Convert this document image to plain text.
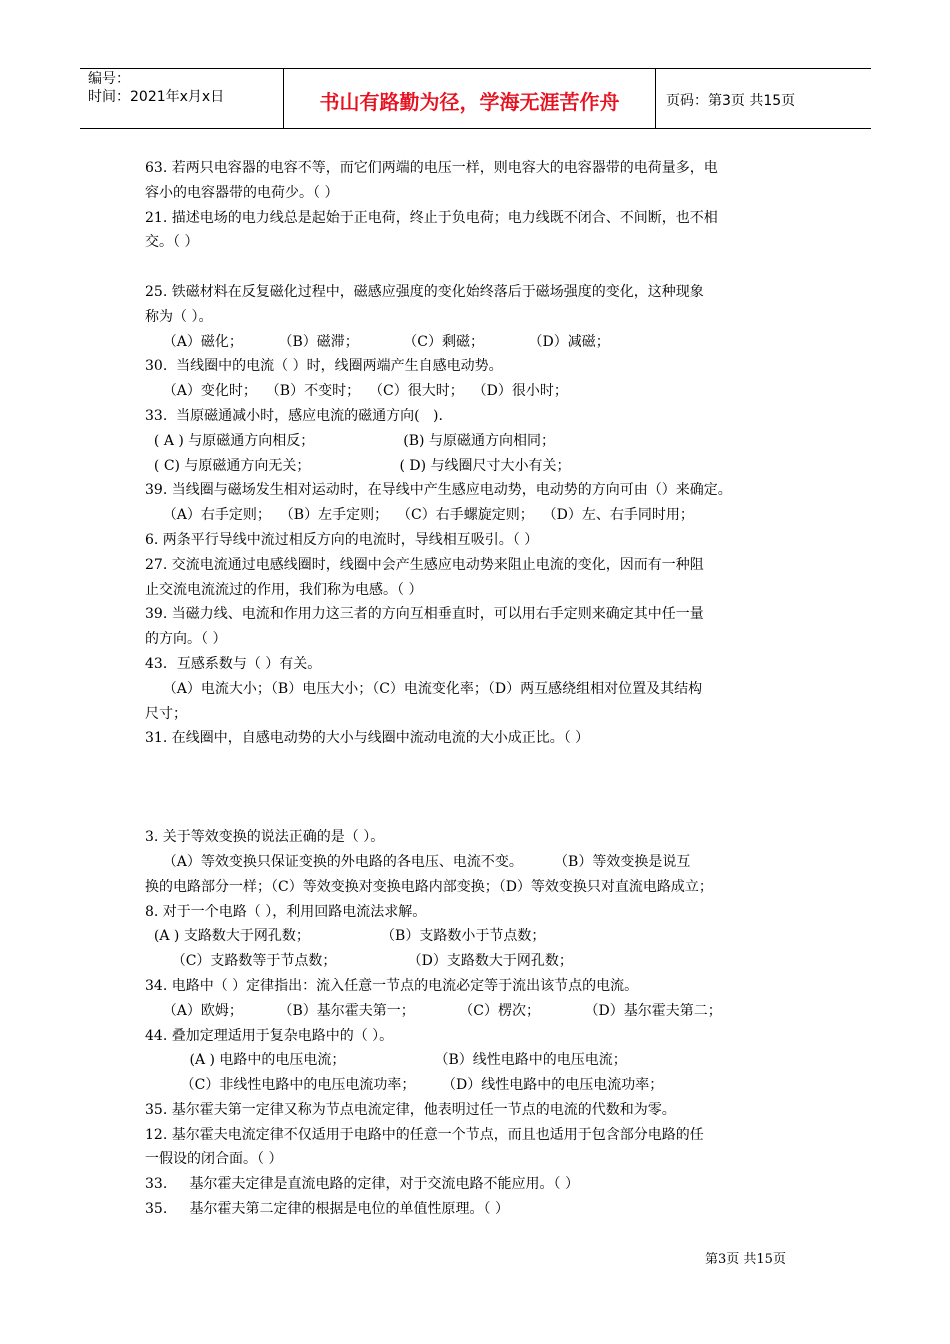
编号：
时间：2021年x月x日	书山有路勤为径，学海无涯苦作舟	页码：第3页 共15页
63. 若两只电容器的电容不等，而它们两端的电压一样，则电容大的电容器带的电荷量多，电
容小的电容器带的电荷少。（ ）
21. 描述电场的电力线总是起始于正电荷，终止于负电荷；电力线既不闭合、不间断，也不相
交。（ ）
25. 铁磁材料在反复磁化过程中，磁感应强度的变化始终落后于磁场强度的变化，这种现象
称为（ ）。
（A）磁化；        （B）磁滞；          （C）剩磁；          （D）减磁；
30.  当线圈中的电流（ ）时，线圈两端产生自感电动势。
（A）变化时；  （B）不变时；  （C）很大时；  （D）很小时；
33.  当原磁通减小时，感应电流的磁通方向(   ).
( A ) 与原磁通方向相反；                    (B) 与原磁通方向相同；
( C) 与原磁通方向无关；                    ( D) 与线圈尺寸大小有关；
39. 当线圈与磁场发生相对运动时，在导线中产生感应电动势，电动势的方向可由（）来确定。
（A）右手定则；  （B）左手定则；  （C）右手螺旋定则；  （D）左、右手同时用；
6. 两条平行导线中流过相反方向的电流时，导线相互吸引。（ ）
27. 交流电流通过电感线圈时，线圈中会产生感应电动势来阻止电流的变化，因而有一种阻
止交流电流流过的作用，我们称为电感。（ ）
39. 当磁力线、电流和作用力这三者的方向互相垂直时，可以用右手定则来确定其中任一量
的方向。（ ）
43．互感系数与（ ）有关。
（A）电流大小；（B）电压大小；（C）电流变化率；（D）两互感绕组相对位置及其结构
尺寸；
31. 在线圈中，自感电动势的大小与线圈中流动电流的大小成正比。（ ）
3. 关于等效变换的说法正确的是（ ）。
（A）等效变换只保证变换的外电路的各电压、电流不变。       （B）等效变换是说互
换的电路部分一样；（C）等效变换对变换电路内部变换；（D）等效变换只对直流电路成立；
8. 对于一个电路（ ），利用回路电流法求解。
(A ) 支路数大于网孔数；                （B）支路数小于节点数；
（C）支路数等于节点数；                （D）支路数大于网孔数；
34. 电路中（ ）定律指出：流入任意一节点的电流必定等于流出该节点的电流。
（A）欧姆；        （B）基尔霍夫第一；          （C）楞次；          （D）基尔霍夫第二；
44. 叠加定理适用于复杂电路中的（ ）。
(A ) 电路中的电压电流；                    （B）线性电路中的电压电流；
（C）非线性电路中的电压电流功率；      （D）线性电路中的电压电流功率；
35. 基尔霍夫第一定律又称为节点电流定律，他表明过任一节点的电流的代数和为零。
12. 基尔霍夫电流定律不仅适用于电路中的任意一个节点，而且也适用于包含部分电路的任
一假设的闭合面。（ ）
33.     基尔霍夫定律是直流电路的定律，对于交流电路不能应用。（ ）
35.     基尔霍夫第二定律的根据是电位的单值性原理。（ ）
第3页 共15页
